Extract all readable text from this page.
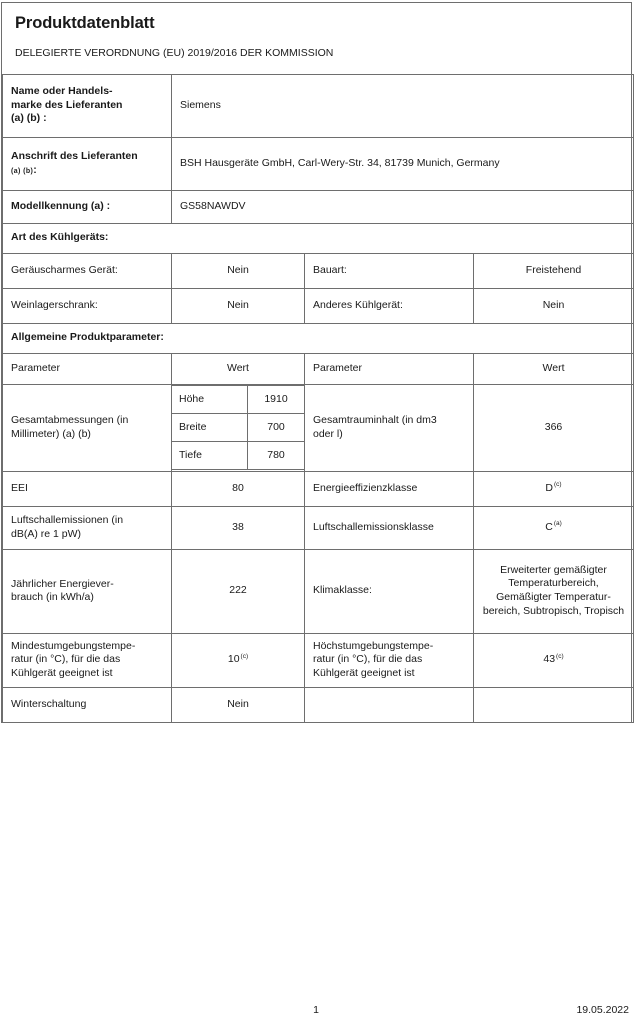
Produktdatenblatt
DELEGIERTE VERORDNUNG (EU) 2019/2016 DER KOMMISSION
Name oder Handels-
marke des Lieferanten
(a) (b) :	Siemens
Anschrift des Lieferanten
(a) (b):
	BSH Hausgeräte GmbH, Carl-Wery-Str. 34, 81739 Munich, Germany
Modellkennung (a) :	GS58NAWDV
Art des Kühlgeräts:
Geräuscharmes Gerät:	Nein	Bauart:	Freistehend
Weinlagerschrank:	Nein	Anderes Kühlgerät:	Nein
Allgemeine Produktparameter:
Parameter	Wert	Parameter	Wert
Gesamtabmessungen (in
Millimeter) (a) (b)	
Höhe	1910
Breite	700
Tiefe	780
	Gesamtrauminhalt (in dm3
oder l)	366
EEI	80	Energieeffizienzklasse	$D^{(c)}$
Luftschallemissionen (in
dB(A) re 1 pW)	38	Luftschallemissionsklasse	$C^{(a)}$
Jährlicher Energiever-
brauch (in kWh/a)	222	Klimaklasse:	Erweiterter gemäßigter Temperaturbereich, Gemäßigter Temperaturbereich, Subtropisch, Tropisch
Mindestumgebungstempe-
ratur (in °C), für die das
Kühlgerät geeignet ist	10$^{(c)}$	Höchstumgebungstempe-
ratur (in °C), für die das
Kühlgerät geeignet ist	43$^{(c)}$
Winterschaltung	Nein		
1	19.05.2022
